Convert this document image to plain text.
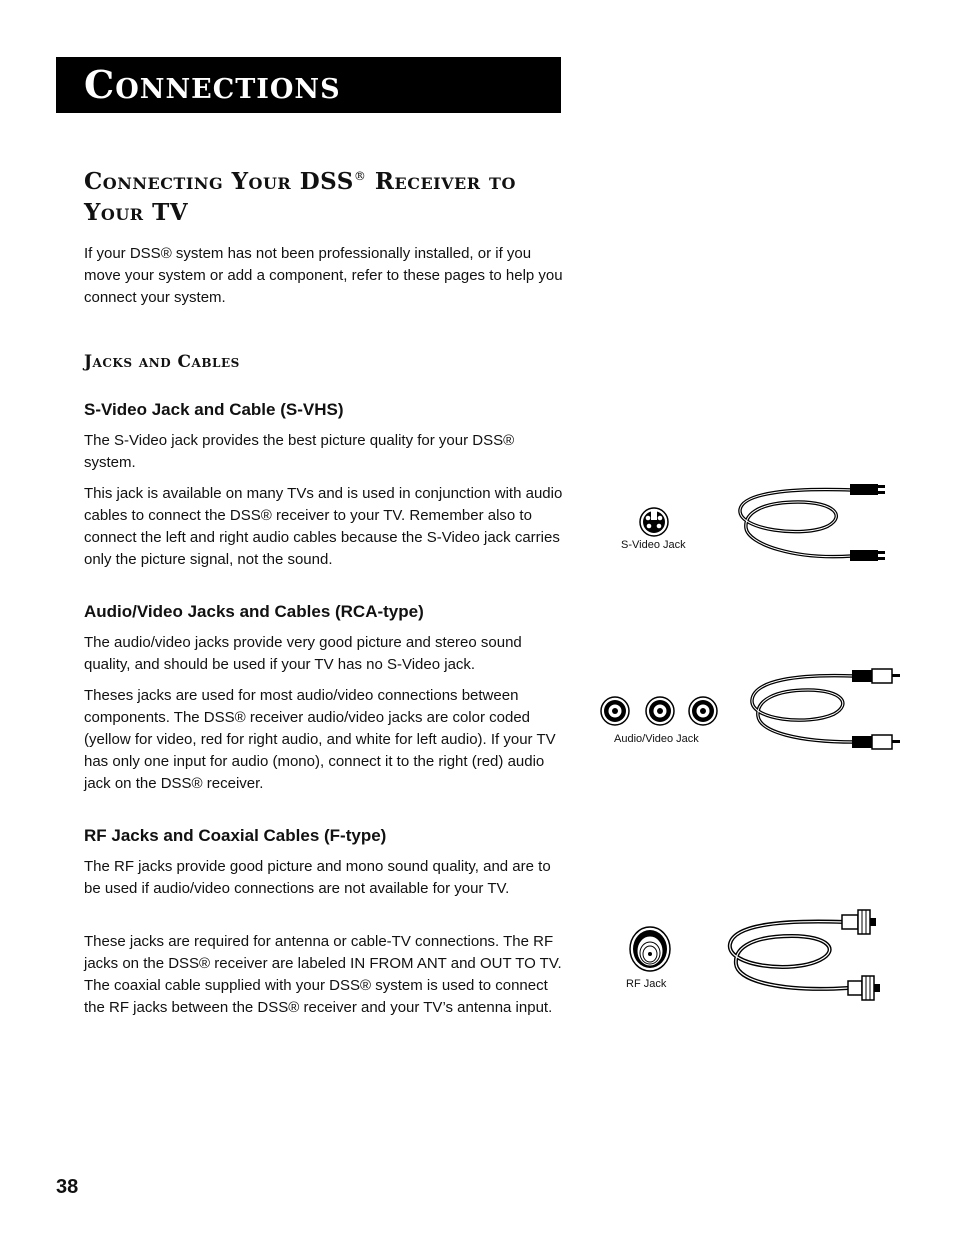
Connections
Connecting Your DSS® Receiver to Your TV

If your DSS® system has not been professionally installed, or if you move your system or add a component, refer to these pages to help you connect your system.

Jacks and Cables
S-Video Jack and Cable (S-VHS)

The S-Video jack provides the best picture quality for your DSS® system.

This jack is available on many TVs and is used in conjunction with audio cables to connect the DSS® receiver to your TV. Remember also to connect the left and right audio cables because the S-Video jack carries only the picture signal, not the sound.

Audio/Video Jacks and Cables (RCA-type)

The audio/video jacks provide very good picture and stereo sound quality, and should be used if your TV has no S-Video jack.

Theses jacks are used for most audio/video connections between components. The DSS® receiver audio/video jacks are color coded (yellow for video, red for right audio, and white for left audio). If your TV has only one input for audio (mono), connect it to the right (red) audio jack on the DSS® receiver.

RF Jacks and Coaxial Cables (F-type)

The RF jacks provide good picture and mono sound quality, and are to be used if audio/video connections are not available for your TV.

These jacks are required for antenna or cable-TV connections. The RF jacks on the DSS® receiver are labeled IN FROM ANT and OUT TO TV. The coaxial cable supplied with your DSS® system is used to connect the RF jacks between the DSS® receiver and your TV’s antenna input.

S-Video Jack

Audio/Video Jack

RF Jack

38
